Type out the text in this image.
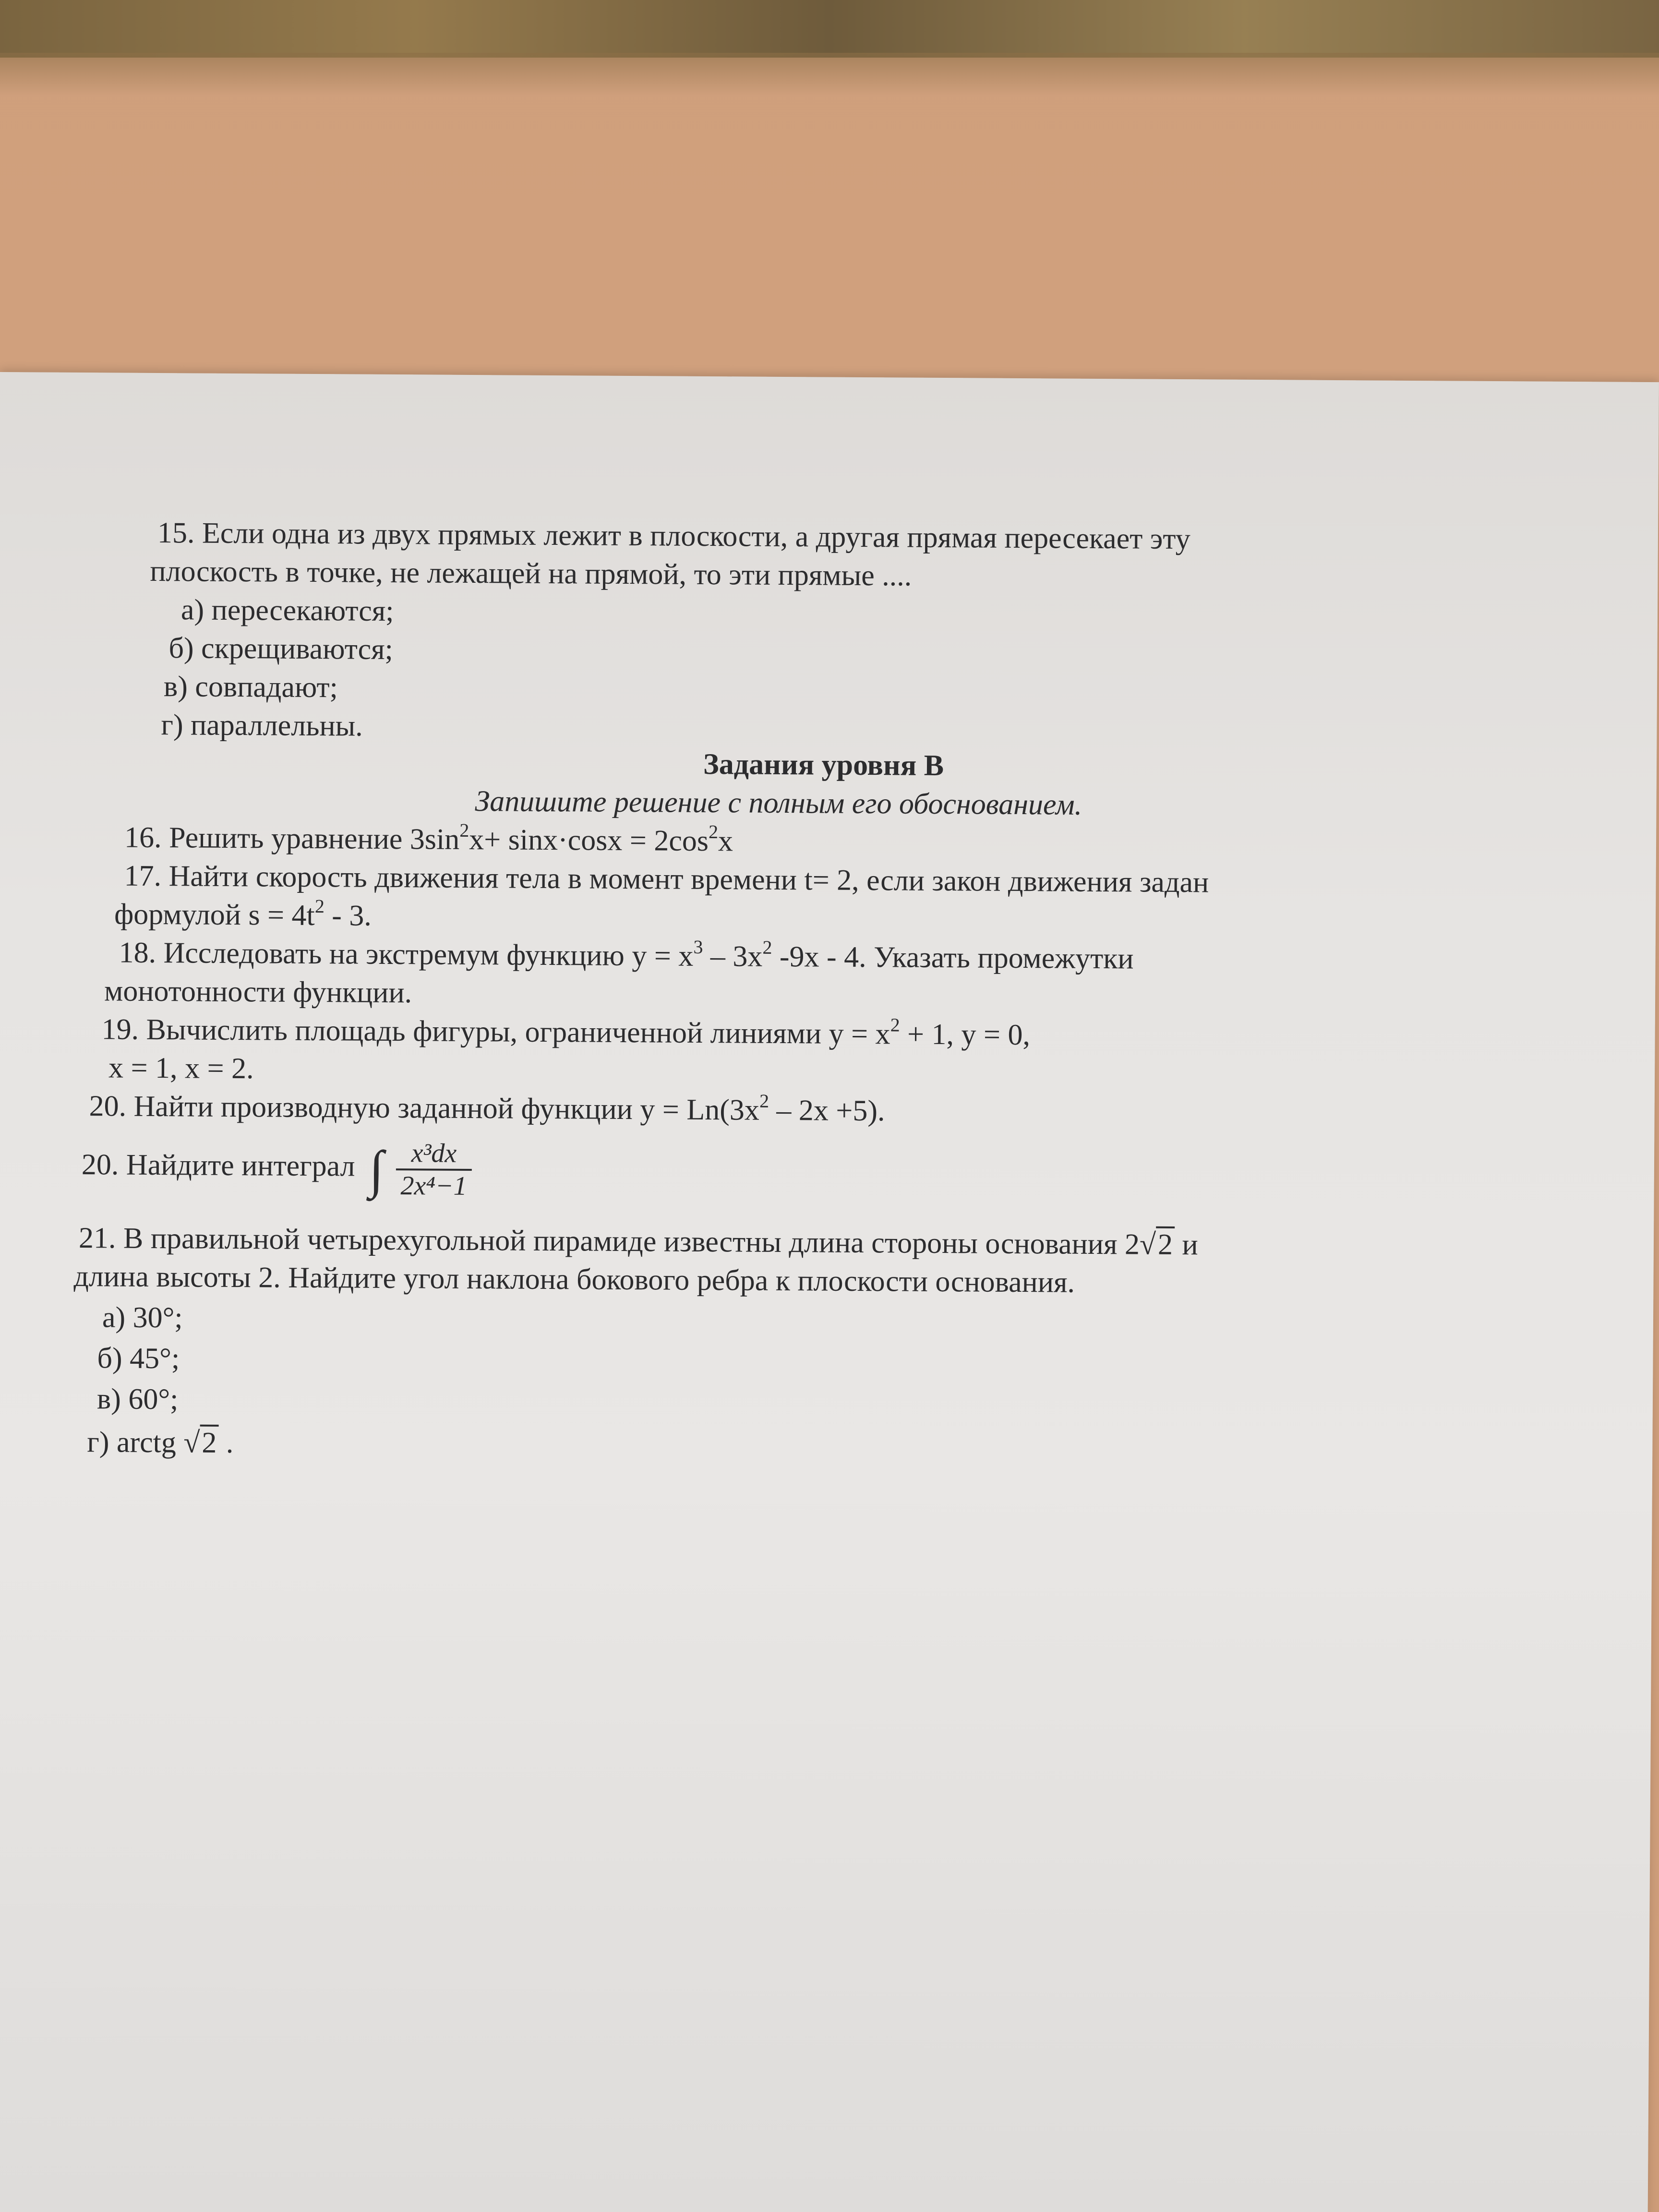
15. Если одна из двух прямых лежит в плоскости, а другая прямая пересекает эту
плоскость в точке, не лежащей на прямой, то эти прямые ....
а) пересекаются;
б) скрещиваются;
в) совпадают;
г) параллельны.
Задания уровня В
Запишите решение с полным его обоснованием.
16. Решить уравнение $3\sin^2x+ \sin x\cdot\cos x = 2\cos^2x$
17. Найти скорость движения тела в момент времени t= 2, если закон движения задан
формулой $s = 4t^2 - 3$.
18. Исследовать на экстремум функцию $y = x^3 - 3x^2$ -9x - 4. Указать промежутки
монотонности функции.
19. Вычислить площадь фигуры, ограниченной линиями $y = x^2 + 1$, y = 0,
x = 1, x = 2.
20. Найти производную заданной функции $y = Ln(3x^2 - 2x +5)$.
20. Найдите интеграл ∫ $\frac{\text{x³dx}}{\text{2x⁴−1}}$
21. В правильной четырехугольной пирамиде известны длина стороны основания 2√2 и
длина высоты 2. Найдите угол наклона бокового ребра к плоскости основания.
а) 30°;
б) 45°;
в) 60°;
г) arctg √2 .
